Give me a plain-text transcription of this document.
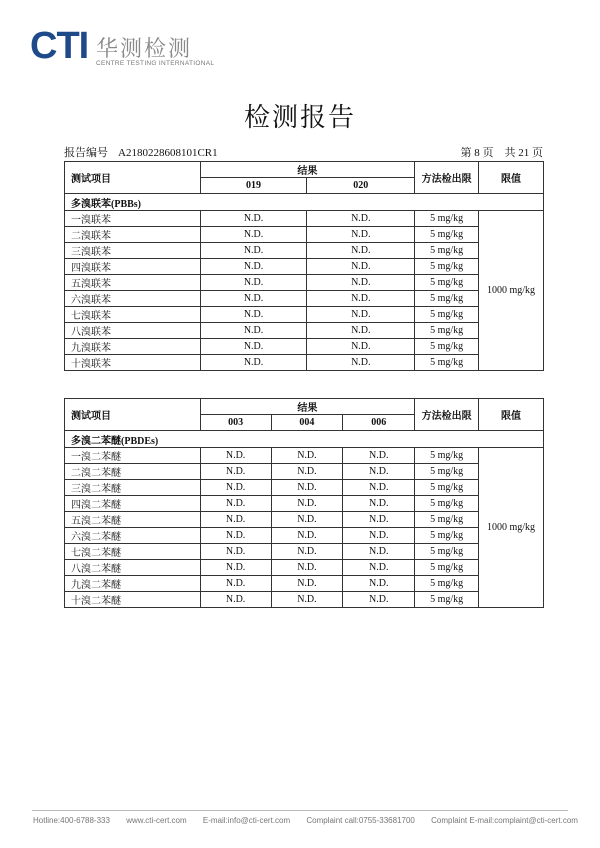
CTI 华测检测
CENTRE TESTING INTERNATIONAL
检测报告
报告编号 A2180228608101CR1	第 8 页　共 21 页
测试项目	结果		方法检出限	限值
	019	020		
多溴联苯(PBBs)				
一溴联苯	N.D.	N.D.	5 mg/kg	1000 mg/kg
二溴联苯	N.D.	N.D.	5 mg/kg	
三溴联苯	N.D.	N.D.	5 mg/kg	
四溴联苯	N.D.	N.D.	5 mg/kg	
五溴联苯	N.D.	N.D.	5 mg/kg	
六溴联苯	N.D.	N.D.	5 mg/kg	
七溴联苯	N.D.	N.D.	5 mg/kg	
八溴联苯	N.D.	N.D.	5 mg/kg	
九溴联苯	N.D.	N.D.	5 mg/kg	
十溴联苯	N.D.	N.D.	5 mg/kg	
测试项目	结果			方法检出限	限值
	003	004	006		
多溴二苯醚(PBDEs)					
一溴二苯醚	N.D.	N.D.	N.D.	5 mg/kg	1000 mg/kg
二溴二苯醚	N.D.	N.D.	N.D.	5 mg/kg	
三溴二苯醚	N.D.	N.D.	N.D.	5 mg/kg	
四溴二苯醚	N.D.	N.D.	N.D.	5 mg/kg	
五溴二苯醚	N.D.	N.D.	N.D.	5 mg/kg	
六溴二苯醚	N.D.	N.D.	N.D.	5 mg/kg	
七溴二苯醚	N.D.	N.D.	N.D.	5 mg/kg	
八溴二苯醚	N.D.	N.D.	N.D.	5 mg/kg	
九溴二苯醚	N.D.	N.D.	N.D.	5 mg/kg	
十溴二苯醚	N.D.	N.D.	N.D.	5 mg/kg	
Hotline:400-6788-333 www.cti-cert.com E-mail:info@cti-cert.com Complaint call:0755-33681700 Complaint E-mail:complaint@cti-cert.com
